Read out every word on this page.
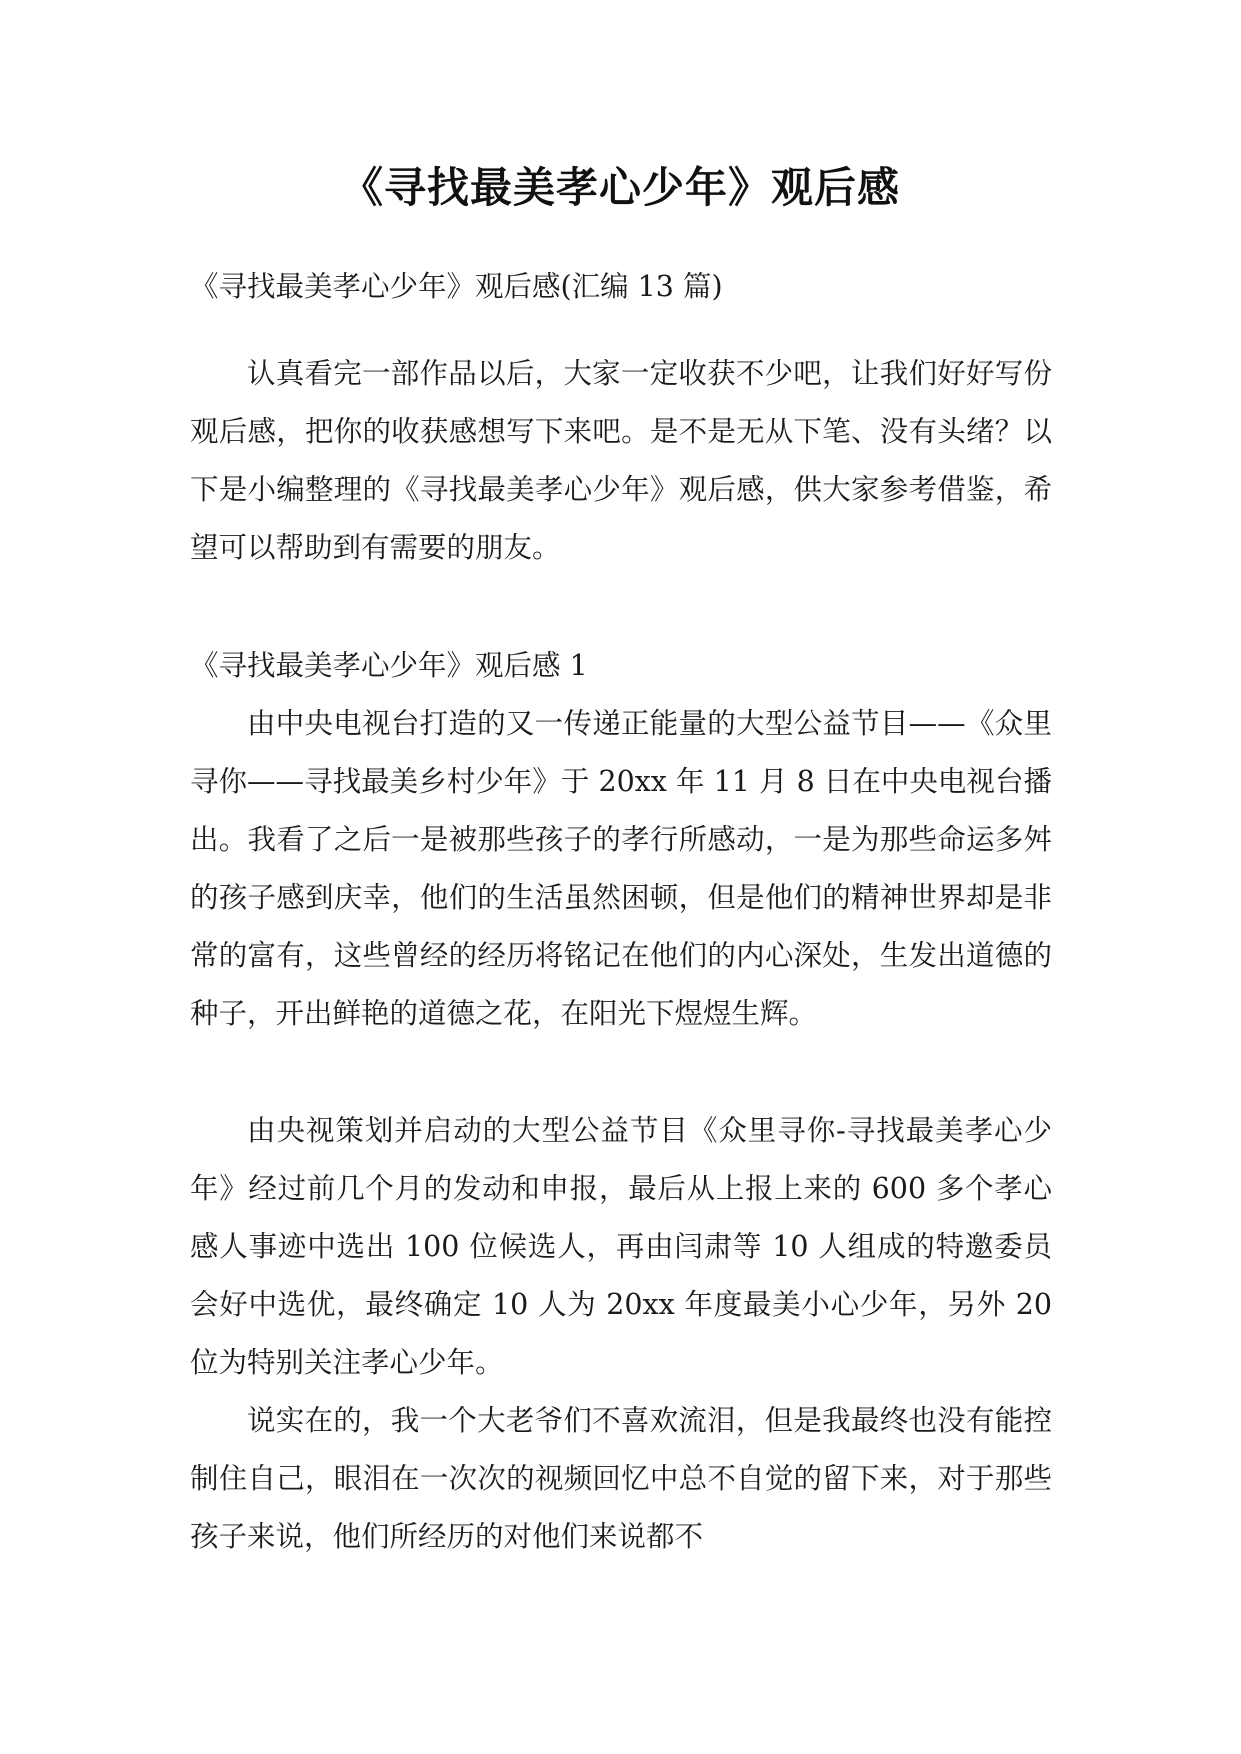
《寻找最美孝心少年》观后感

《寻找最美孝心少年》观后感(汇编 13 篇)

认真看完一部作品以后，大家一定收获不少吧，让我们好好写份观后感，把你的收获感想写下来吧。是不是无从下笔、没有头绪？以下是小编整理的《寻找最美孝心少年》观后感，供大家参考借鉴，希望可以帮助到有需要的朋友。

《寻找最美孝心少年》观后感 1

由中央电视台打造的又一传递正能量的大型公益节目——《众里寻你——寻找最美乡村少年》于 20xx 年 11 月 8 日在中央电视台播出。我看了之后一是被那些孩子的孝行所感动，一是为那些命运多舛的孩子感到庆幸，他们的生活虽然困顿，但是他们的精神世界却是非常的富有，这些曾经的经历将铭记在他们的内心深处，生发出道德的种子，开出鲜艳的道德之花，在阳光下煜煜生辉。

由央视策划并启动的大型公益节目《众里寻你-寻找最美孝心少年》经过前几个月的发动和申报，最后从上报上来的 600 多个孝心感人事迹中选出 100 位候选人，再由闫肃等 10 人组成的特邀委员会好中选优，最终确定 10 人为 20xx 年度最美小心少年，另外 20 位为特别关注孝心少年。

说实在的，我一个大老爷们不喜欢流泪，但是我最终也没有能控制住自己，眼泪在一次次的视频回忆中总不自觉的留下来，对于那些孩子来说，他们所经历的对他们来说都不
